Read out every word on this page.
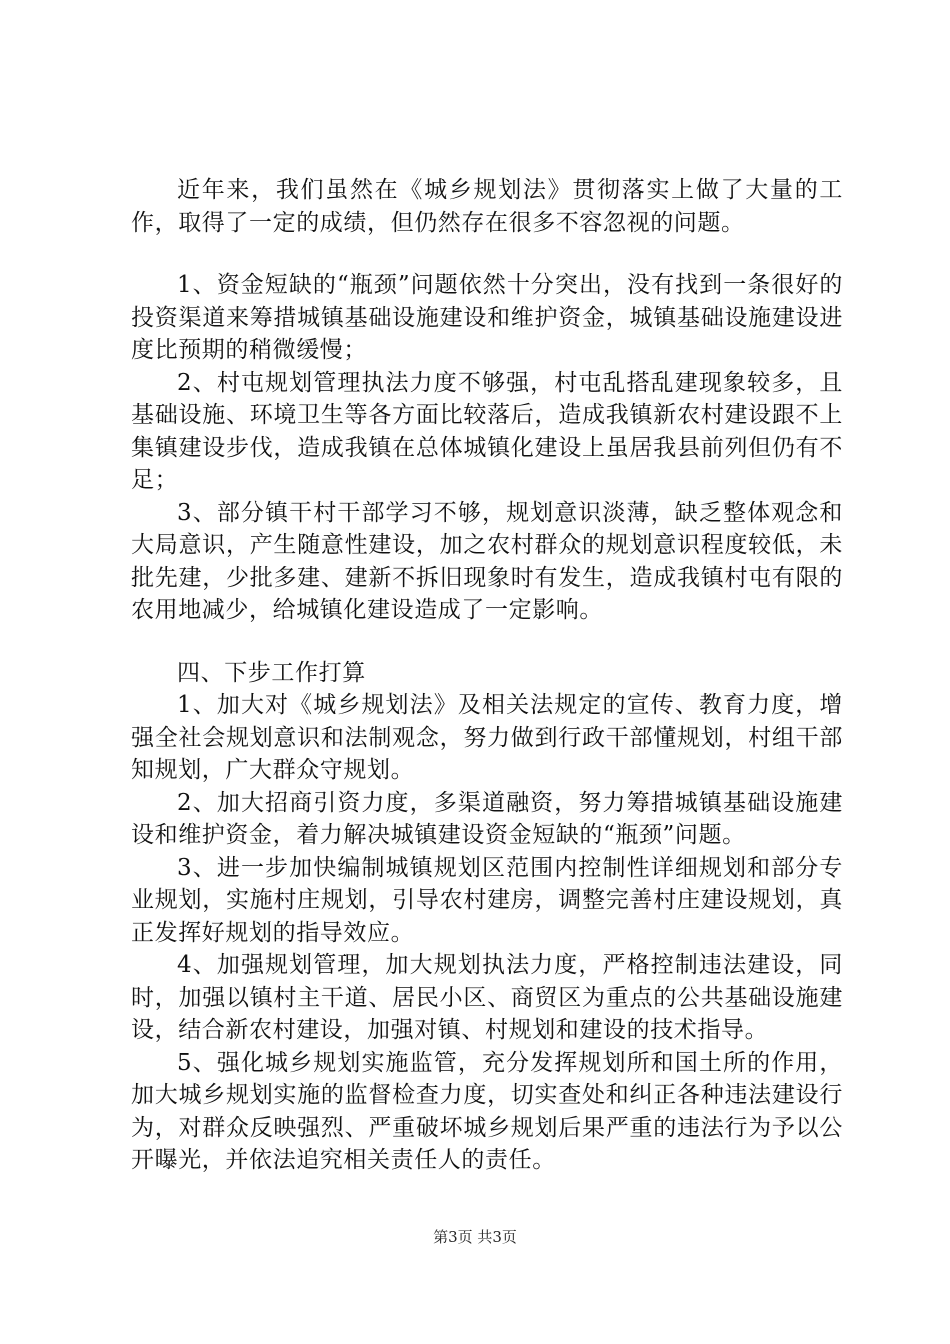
近年来，我们虽然在《城乡规划法》贯彻落实上做了大量的工作，取得了一定的成绩，但仍然存在很多不容忽视的问题。

1、资金短缺的“瓶颈”问题依然十分突出，没有找到一条很好的投资渠道来筹措城镇基础设施建设和维护资金，城镇基础设施建设进度比预期的稍微缓慢；

2、村屯规划管理执法力度不够强，村屯乱搭乱建现象较多，且基础设施、环境卫生等各方面比较落后，造成我镇新农村建设跟不上集镇建设步伐，造成我镇在总体城镇化建设上虽居我县前列但仍有不足；

3、部分镇干村干部学习不够，规划意识淡薄，缺乏整体观念和大局意识，产生随意性建设，加之农村群众的规划意识程度较低，未批先建，少批多建、建新不拆旧现象时有发生，造成我镇村屯有限的农用地减少，给城镇化建设造成了一定影响。

四、下步工作打算

1、加大对《城乡规划法》及相关法规定的宣传、教育力度，增强全社会规划意识和法制观念，努力做到行政干部懂规划，村组干部知规划，广大群众守规划。

2、加大招商引资力度，多渠道融资，努力筹措城镇基础设施建设和维护资金，着力解决城镇建设资金短缺的“瓶颈”问题。

3、进一步加快编制城镇规划区范围内控制性详细规划和部分专业规划，实施村庄规划，引导农村建房，调整完善村庄建设规划，真正发挥好规划的指导效应。

4、加强规划管理，加大规划执法力度，严格控制违法建设，同时，加强以镇村主干道、居民小区、商贸区为重点的公共基础设施建设，结合新农村建设，加强对镇、村规划和建设的技术指导。

5、强化城乡规划实施监管，充分发挥规划所和国土所的作用，加大城乡规划实施的监督检查力度，切实查处和纠正各种违法建设行为，对群众反映强烈、严重破坏城乡规划后果严重的违法行为予以公开曝光，并依法追究相关责任人的责任。

第3页 共3页
